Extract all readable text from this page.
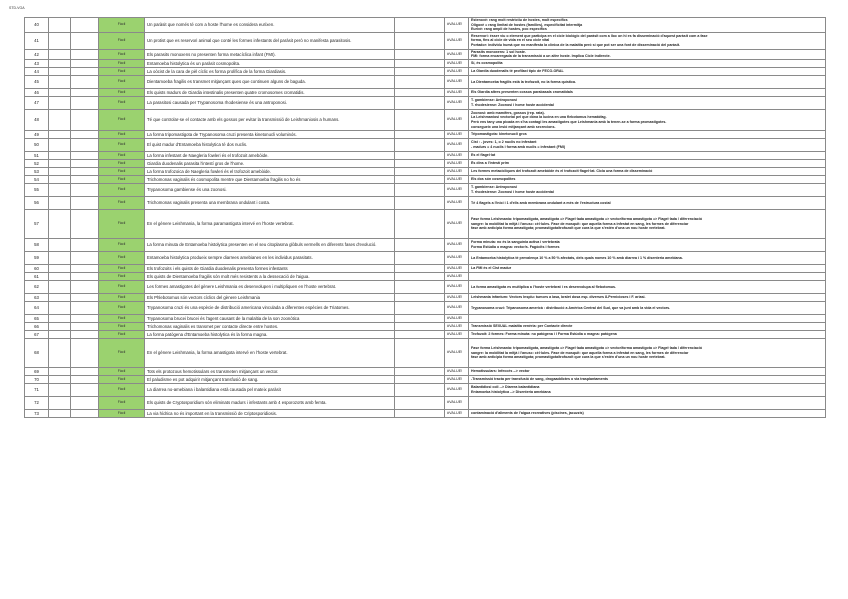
STD-VGA
40			Fàcil	Un paràsit que només té com a hoste l'home es considera euríxen.		#VALUE!	Estenoxè: rang molt restrictiu de hostes, molt específics
Oligoxè = rang limitat de hostes (families), especificitat intermitja
Eurixè: rang ampli de hostes, poc específics

41			Fàcil	Un protist que es reservori animal que conté les formes infestants del paràsit però no manifesta parasitosis.		#VALUE!	Reservori: ésser viu o element que participa en el cicle biològic del paràsit com a lloc on hi es fa disseminació d'aquest paràsit com a fase
forma, fins al cicle de vida en el seu cicle vital
Portador: individu humà que no manifesta la clínica de la malaltia però sí que pot ser una font de disseminació del paràsit.

42			Fàcil	Els parasits monoxens no presenten forma metacíclica infant (FMI).		#VALUE!	Parasits monoxens: 1 sol hoste.
FMI: forma encarregada de la transmissió a un altre hoste. Implica Cicle indirecte.

43			Fàcil	Entamoeba histolytica és un paràsit cosmopolita.		#VALUE!	Sí, és cosmopolita

44			Fàcil	La oòcist de la cara de pèl cíclic es forma prolífica de la forma Giardiasis.		#VALUE!	La Giardia duodenalis té profilaxi típic de FECO-ORAL

45			Fàcil	Dientamoeba fragilis es transmet mitjançant ques que continuen alguns de baguda.		#VALUE!	La Dientamoeba fragilis està la trofozoit, no la forma quística.

46			Fàcil	Els quists madurs de Giardia intestinalis presenten quatre cromosomes cromatidis.		#VALUE!	Els Giardia altres presenten cossos parabasals cromatidals

47			Fàcil	La parasitosi causada per Trypanosoma rhodesiense és una antroponosi.		#VALUE!	T. gambiense: Antroponosi
T. rhodesiense: Zoonosi i home hoste accidental

48			Fàcil	Té que controlar-se el contacte amb els gossos per evitar la transmissió de Leishmaniosis a humans.		#VALUE!	Zoonosi: amb mamífers, gossos (rep. rata).
La Leishmaniosi vectorial pel que dóna la lucina en una flebotomus hematòfag.
Però ens tany una picada en s'ha contagi les amastigotes que Leishmania amb la tenen-se a forma promastigotes.
consegueix una lesió mitjançant amb secrecions.

49			Fàcil	La forma tripomastigota de Trypanosoma cruzi presenta kinetonucli voluminós.		#VALUE!	Tripomastigota: kinetonucli gros

50			Fàcil	El quist madur d'Entamoeba histolytica té dos nuclis.		#VALUE!	Cist : - joves: 1, o 2 nuclis no infestant
- madurs = 4 nuclis i forma amb nuclis = infestant (FMI)

51			Fàcil	La forma infestant de Naegleria fowleri és el trofozoit amebòide.		#VALUE!	Es el flagel·lat

52			Fàcil	Giardia duodenalis parasita l'intestí gros de l'home.		#VALUE!	És dins a l'intestí prim

53			Fàcil	La forma trofozoica de Naegleria fowleri és el trofozoit amebòide.		#VALUE!	Les formes metacícliques del trofozoit amebòide és el trofozoit flagel·lat. Cicla una forma de disseminació

54			Fàcil	Trichomonas vaginalis és cosmopolita mentre que Dientamoeba fragilis no ho és		#VALUE!	Els dos són cosmopolites

55			Fàcil	Trypanosoma gambiense és una zoonosi.		#VALUE!	T. gambiense: Antroponosi
T. rhodesiense: Zoonosi i home hoste accidental

56			Fàcil	Trichomonas vaginalis presenta una membrana ondulant i costa.		#VALUE!	Té 4 flagels a l'inici i 1 d'ells amb membrana ondulant a més de l'estructura costal

57			Fàcil	En el gènere Leishmania, la forma paramastigota intervé en l'hoste vertebrat.		#VALUE!	Fase forma Leishmania: tripomastigota, amastigota => Flagel·lada amastigota => vector/forma amastigota => Flagel·lada / diferenciació
sangre: la mobilitat la mitjà i l'anusc: cèl·lules. Fase de mosquit: que aquella forma a infestat en sang, les formes de diferenciar
fase amb antic/pia forma amastigota; promastigota/trofozoit que cura la que s'estén d'una un nou hoste vertebrat.

58			Fàcil	La forma minuta de Entamoeba histolytica presenten en el seu citoplasma glòbuls vermells en diferents fases d'evolució.		#VALUE!	Forma minuta: no és la sanguínia activa i vertebrata
Forma Estúdia o magna: vector/s. Fagòcits i formes

59			Fàcil	Entamoeba histolytica produeix sempre diarrees amebianes en les individus parasitats.		#VALUE!	La Entamoeba histolytica té prevalença 10 % a 50 % afectats, dels quals nomes 10 % amb diarrea i 1 % disenteria amebiana.

60			Fàcil	Els trofozoits i els quists de Giardia duodenalis presenta formes infestants		#VALUE!	La FMI és el Cist madur

61			Fàcil	Els quists de Dientamoeba fragilis són molt més resistents a la dessecació de l'aigua.		#VALUE!	
62			Fàcil	Les formes amastigotes del gènere Leishmania es desenvolupen i multipliquen en l'hoste vertebrat.		#VALUE!	La forma amastigota es multiplica a l'hoste vertebrat i es desenvolupa al flebotomus.

63			Fàcil	Els Phlebotomus són vectors cíclics del gènere Leishmania		#VALUE!	Leishmania infantum: Vectors Insplu: tumors a lasa, bralet dosa esp. diverses 8-Pernicioses i F. ariasi.

64			Fàcil	Trypanosoma cruzi és una espècie de distribució americana vinculada a diferentes espècies de Triatomes.		#VALUE!	Trypanosoma cruzi: Tripanosoma americà : distribució a Amèrica Central del Sud, que va junt amb la vida el vectors.

65			Fàcil	Trypanosoma brucei brucei és l'agent causant de la malaltia de la son zoonòtica		#VALUE!	
66			Fàcil	Trichomonas vaginalis es transmet per contacte directe entre hostes.		#VALUE!	Transmissió SEXUAL malaltia venèria: per Contacte directe

67			Fàcil	La forma patògena d'Entamoeba histolytica és la forma magna.		#VALUE!	Trofozoit: 2 formes: Forma minuta: no patògena i l Forma Estúdia o magna: patògena

68			Fàcil	En el gènere Leishmania, la forma amastigota intervé en l'hoste vertebrat.		#VALUE!	Fase forma Leishmania: tripomastigota, amastigota => Flagel·lada amastigota => vector/forma amastigota => Flagel·lada / diferenciació
sangre: la mobilitat la mitjà i l'anusc: cèl·lules. Fase de mosquit: que aquella forma a infestat en sang, les formes de diferenciar
fase amb antic/pia forma amastigota; promastigota/trofozoit que cura la que s'estén d'una un nou hoste vertebrat.

69			Fàcil	Tots els protozous hemotissulars es transmeten mitjançant un vector.		#VALUE!	Hemotissulars: Infeccés --> vector

70			Fàcil	El paludisme es pot adquirir mitjançant transfusió de sang.		#VALUE!	-Transmissió tracta per transfusió de sang, drogaaddictes o via trasplantaments

71			Fàcil	La diarrea no-amebiana i balantidiana està causada pel mateix paràsit		#VALUE!	Balantidiosi coli --> Diarrea balantidiana
Entamoeba histolytica --> Disenteria amebiana

72			Fàcil	Els quists de Cryptosporidium són eliminats madurs i infestants amb 4 esporozoïts amb femta.		#VALUE!	
73			Fàcil	La via hídrica no és important en la transmissió de Criptosporidiosis.		#VALUE!	contaminació d'aliments de l'aigua recreatives (piscines, jacuzzis)
